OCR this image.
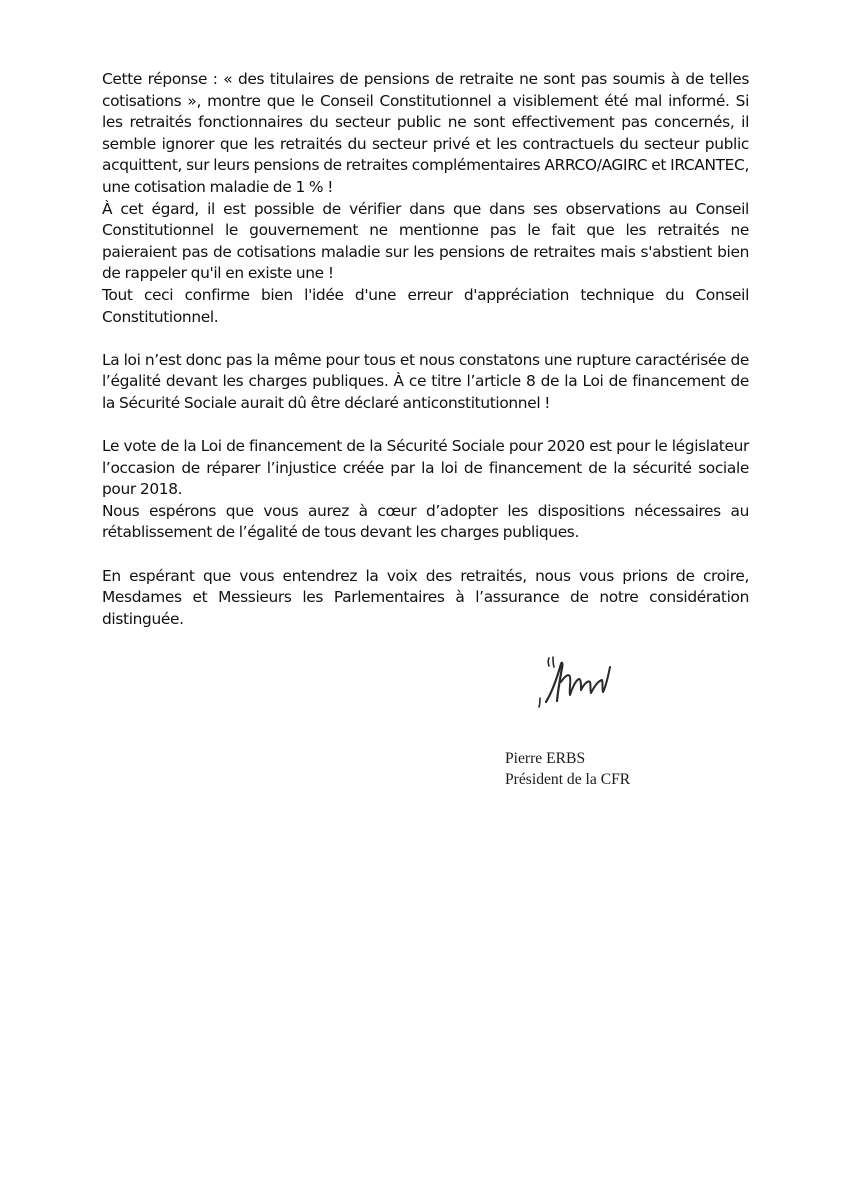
Cette réponse : « des titulaires de pensions de retraite ne sont pas soumis à de telles cotisations », montre que le Conseil Constitutionnel a visiblement été mal informé. Si les retraités fonctionnaires du secteur public ne sont effectivement pas concernés, il semble ignorer que les retraités du secteur privé et les contractuels du secteur public acquittent, sur leurs pensions de retraites complémentaires ARRCO/AGIRC et IRCANTEC, une cotisation maladie de 1 % !

À cet égard, il est possible de vérifier dans que dans ses observations au Conseil Constitutionnel le gouvernement ne mentionne pas le fait que les retraités ne paieraient pas de cotisations maladie sur les pensions de retraites mais s'abstient bien de rappeler qu'il en existe une !

Tout ceci confirme bien l'idée d'une erreur d'appréciation technique du Conseil Constitutionnel.

La loi n’est donc pas la même pour tous et nous constatons une rupture caractérisée de l’égalité devant les charges publiques. À ce titre l’article 8 de la Loi de financement de la Sécurité Sociale aurait dû être déclaré anticonstitutionnel !

Le vote de la Loi de financement de la Sécurité Sociale pour 2020 est pour le législateur l’occasion de réparer l’injustice créée par la loi de financement de la sécurité sociale pour 2018.

Nous espérons que vous aurez à cœur d’adopter les dispositions nécessaires au rétablissement de l’égalité de tous devant les charges publiques.

En espérant que vous entendrez la voix des retraités, nous vous prions de croire, Mesdames et Messieurs les Parlementaires à l’assurance de notre considération distinguée.

Pierre ERBS
Président de la CFR
